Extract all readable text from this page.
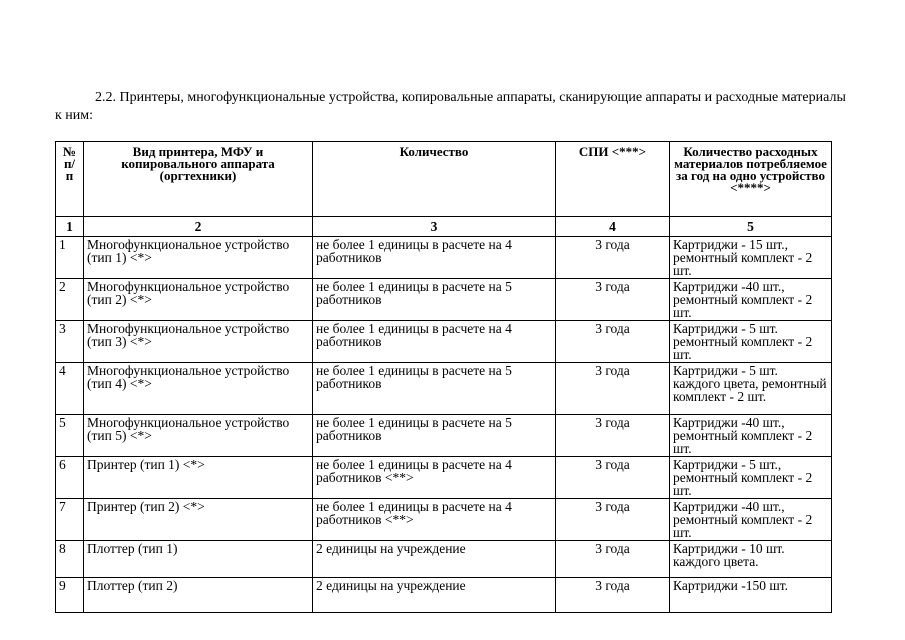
2.2. Принтеры, многофункциональные устройства, копировальные аппараты, сканирующие аппараты и расходные материалы к ним:

№ п/ п	Вид принтера, МФУ и копировального аппарата (оргтехники)	Количество	СПИ <***>	Количество расходных материалов потребляемое за год на одно устройство <****>
1	2	3	4	5
1	Многофункциональное устройство (тип 1) <*>	не более 1 единицы в расчете на 4 работников	3 года	Картриджи - 15 шт., ремонтный комплект - 2 шт.
2	Многофункциональное устройство (тип 2) <*>	не более 1 единицы в расчете на 5 работников	3 года	Картриджи -40 шт., ремонтный комплект - 2 шт.
3	Многофункциональное устройство (тип 3) <*>	не более 1 единицы в расчете на 4 работников	3 года	Картриджи - 5 шт. ремонтный комплект - 2 шт.
4	Многофункциональное устройство (тип 4) <*>	не более 1 единицы в расчете на 5 работников	3 года	Картриджи - 5 шт. каждого цвета, ремонтный комплект - 2 шт.
5	Многофункциональное устройство (тип 5) <*>	не более 1 единицы в расчете на 5 работников	3 года	Картриджи -40 шт., ремонтный комплект - 2 шт.
6	Принтер (тип 1) <*>	не более 1 единицы в расчете на 4 работников <**>	3 года	Картриджи - 5 шт., ремонтный комплект - 2 шт.
7	Принтер (тип 2) <*>	не более 1 единицы в расчете на 4 работников <**>	3 года	Картриджи -40 шт., ремонтный комплект - 2 шт.
8	Плоттер (тип 1)	2 единицы на учреждение	3 года	Картриджи - 10 шт. каждого цвета.
9	Плоттер (тип 2)	2 единицы на учреждение	3 года	Картриджи -150 шт.
